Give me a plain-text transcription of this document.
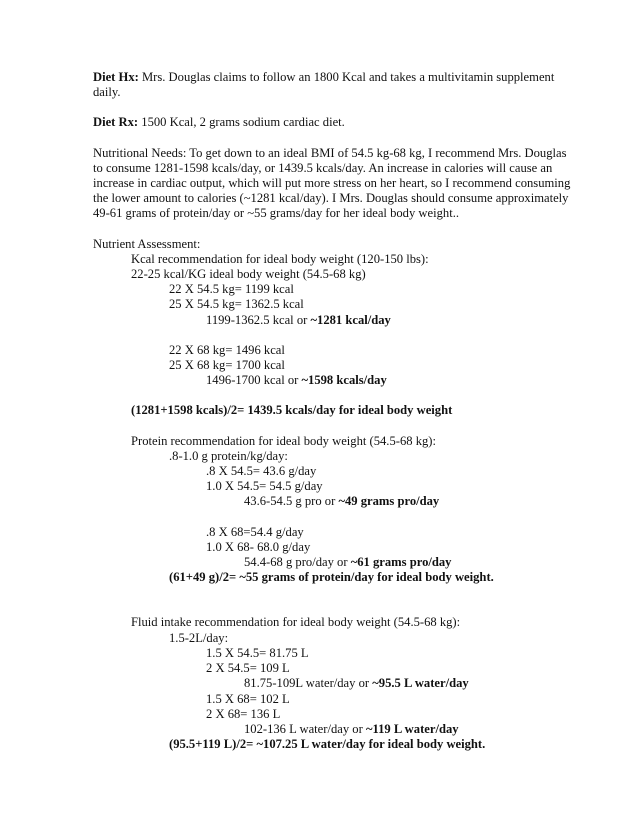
Diet Hx: Mrs. Douglas claims to follow an 1800 Kcal and takes a multivitamin supplement daily.

Diet Rx: 1500 Kcal, 2 grams sodium cardiac diet.

Nutritional Needs: To get down to an ideal BMI of 54.5 kg-68 kg, I recommend Mrs. Douglas to consume 1281-1598 kcals/day, or 1439.5 kcals/day. An increase in calories will cause an increase in cardiac output, which will put more stress on her heart, so I recommend consuming the lower amount to calories (~1281 kcal/day). I Mrs. Douglas should consume approximately 49-61 grams of protein/day or ~55 grams/day for her ideal body weight..

Nutrient Assessment:

Kcal recommendation for ideal body weight (120-150 lbs):

22-25 kcal/KG ideal body weight (54.5-68 kg)

22 X 54.5 kg= 1199 kcal

25 X 54.5 kg= 1362.5 kcal

1199-1362.5 kcal or ~1281 kcal/day

22 X 68 kg= 1496 kcal

25 X 68 kg= 1700 kcal

1496-1700 kcal or ~1598 kcals/day

(1281+1598 kcals)/2= 1439.5 kcals/day for ideal body weight

Protein recommendation for ideal body weight (54.5-68 kg):

.8-1.0 g protein/kg/day:

.8 X 54.5= 43.6 g/day

1.0 X 54.5= 54.5 g/day

43.6-54.5 g pro or ~49 grams pro/day

.8 X 68=54.4 g/day

1.0 X 68- 68.0 g/day

54.4-68 g pro/day or ~61 grams pro/day

(61+49 g)/2= ~55 grams of protein/day for ideal body weight.

Fluid intake recommendation for ideal body weight (54.5-68 kg):

1.5-2L/day:

1.5 X 54.5= 81.75 L

2 X 54.5= 109 L

81.75-109L water/day or ~95.5 L water/day

1.5 X 68= 102 L

2 X 68= 136 L

102-136 L water/day or ~119 L water/day

(95.5+119 L)/2= ~107.25 L water/day for ideal body weight.
